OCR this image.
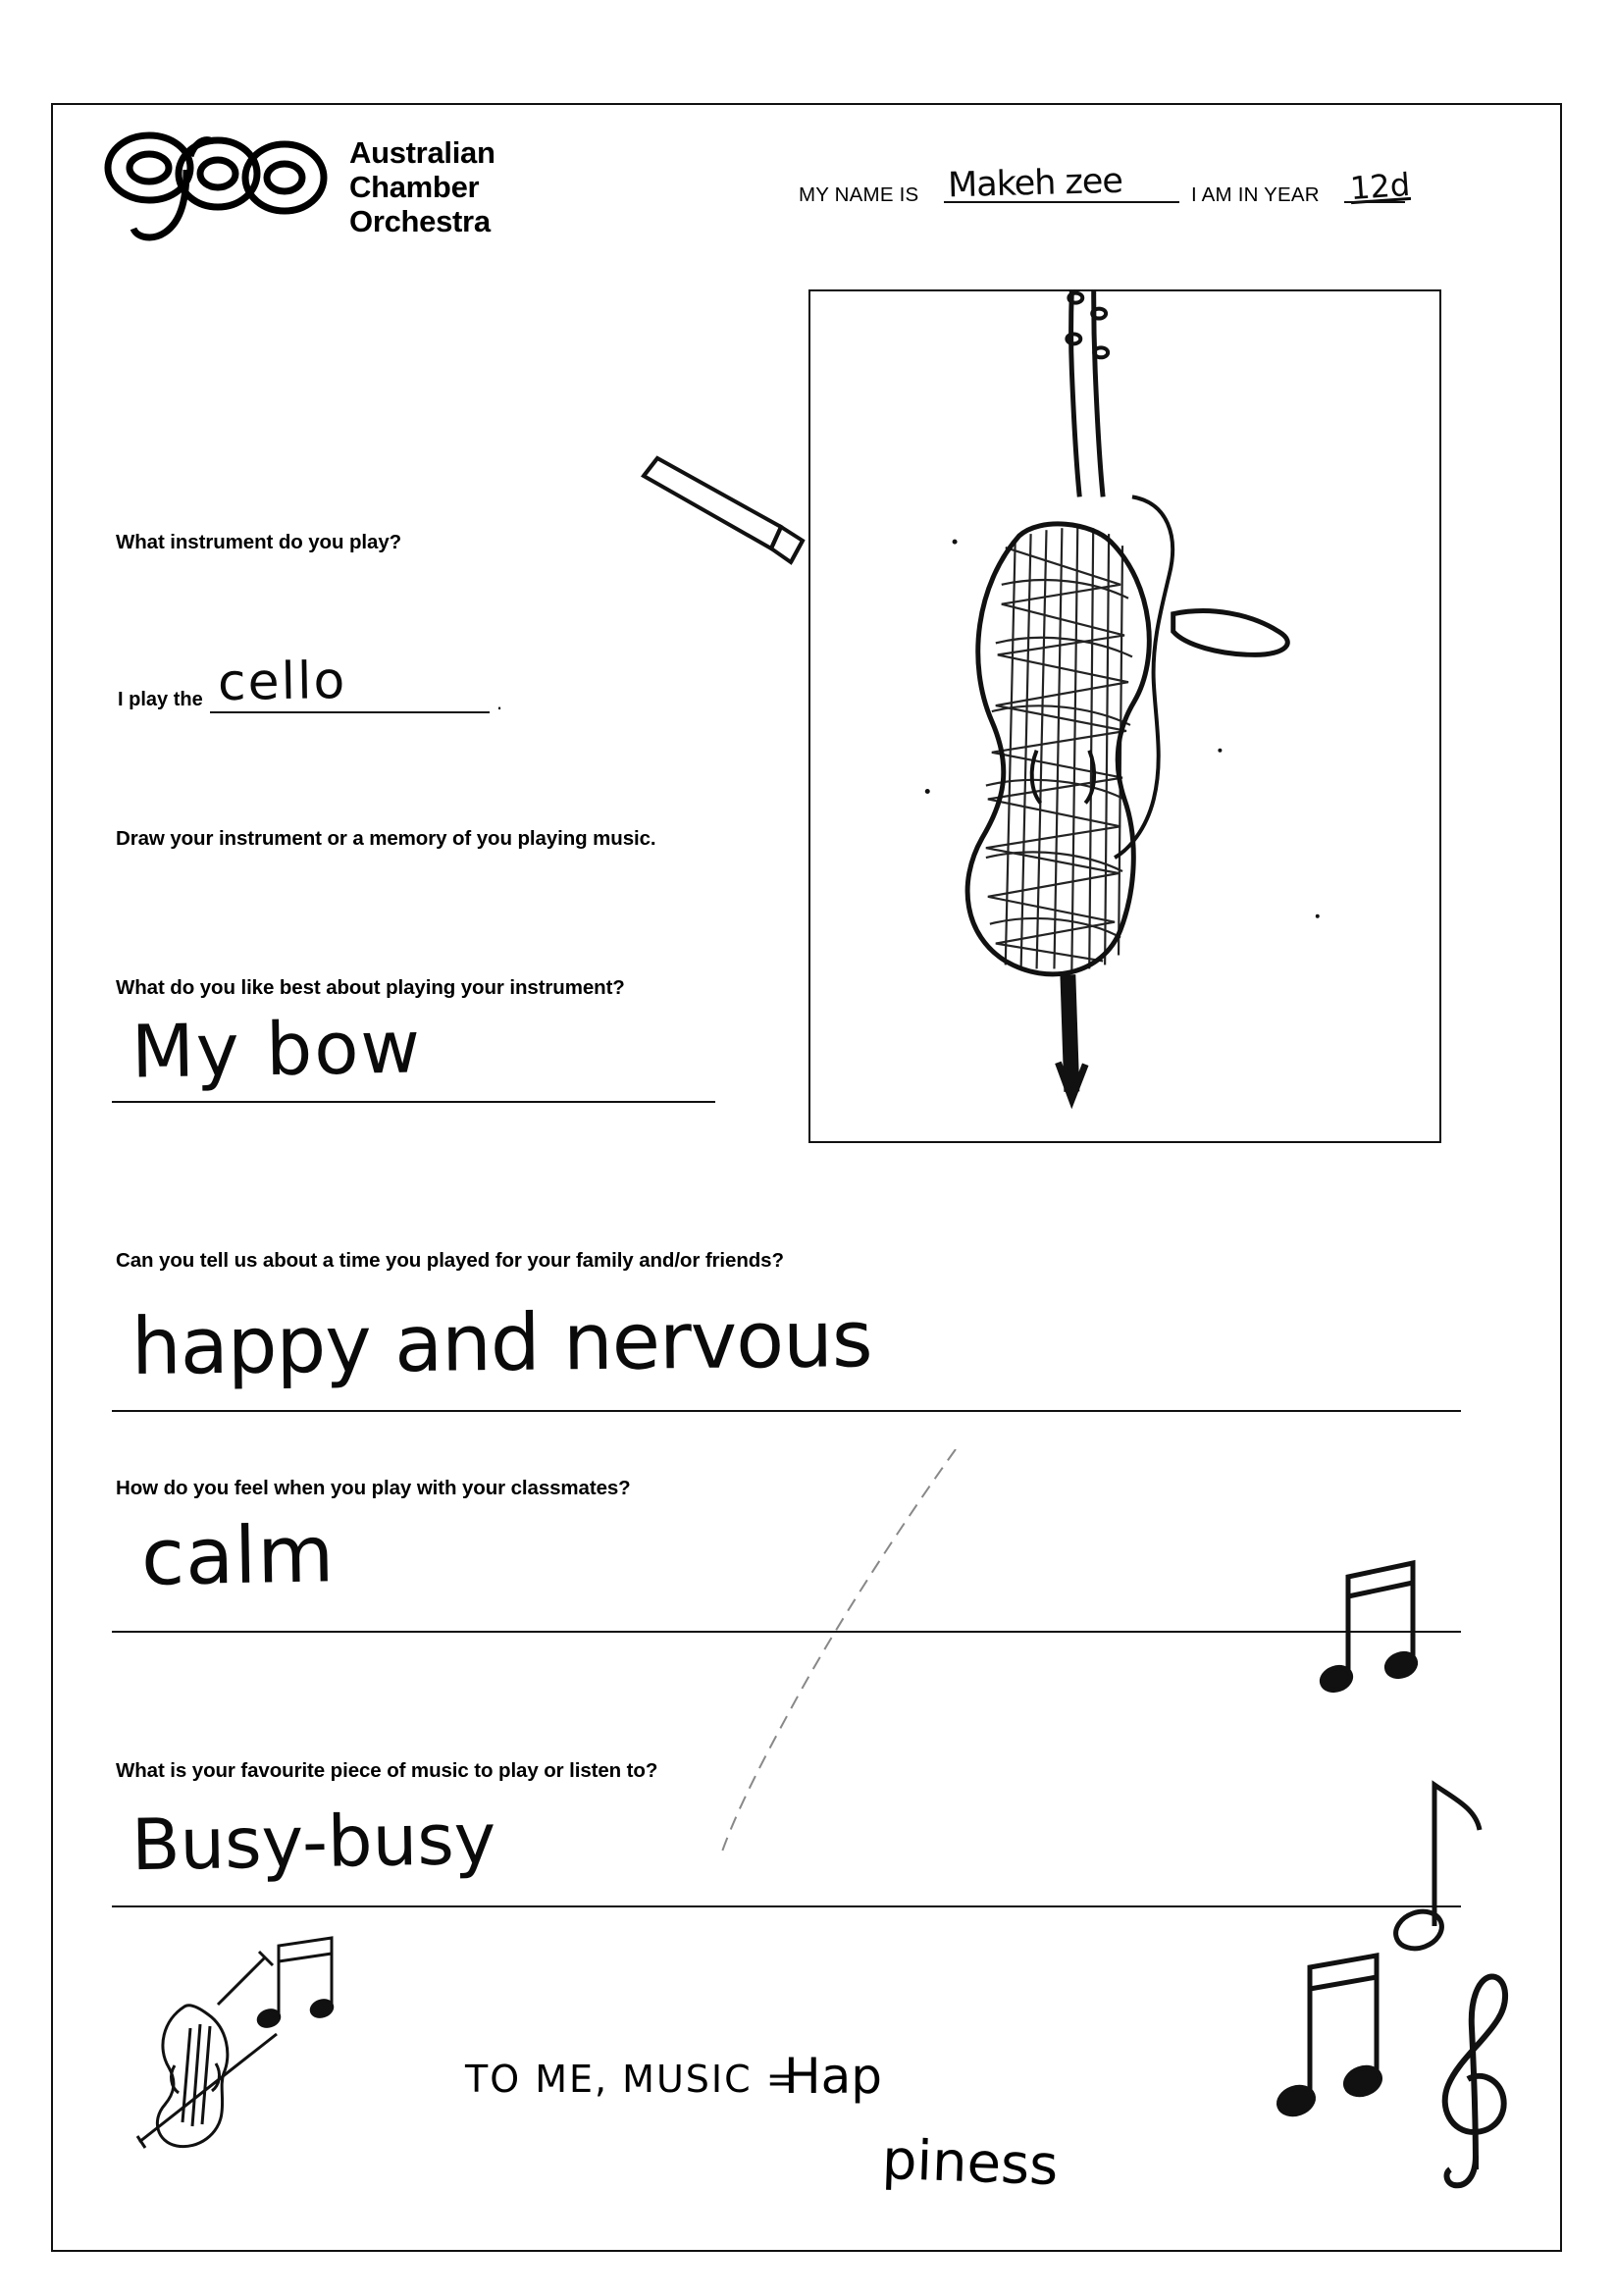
Australian
Chamber
Orchestra
MY NAME IS Makeh zee	I AM IN YEAR 12d
What instrument do you play?
I play the cello	.
Draw your instrument or a memory of you playing music.
What do you like best about playing your instrument?
My bow
Can you tell us about a time you played for your family and/or friends?
happy and nervous
How do you feel when you play with your classmates?
calm
What is your favourite piece of music to play or listen to?
Busy-busy
TO ME, MUSIC =
Hap
piness
